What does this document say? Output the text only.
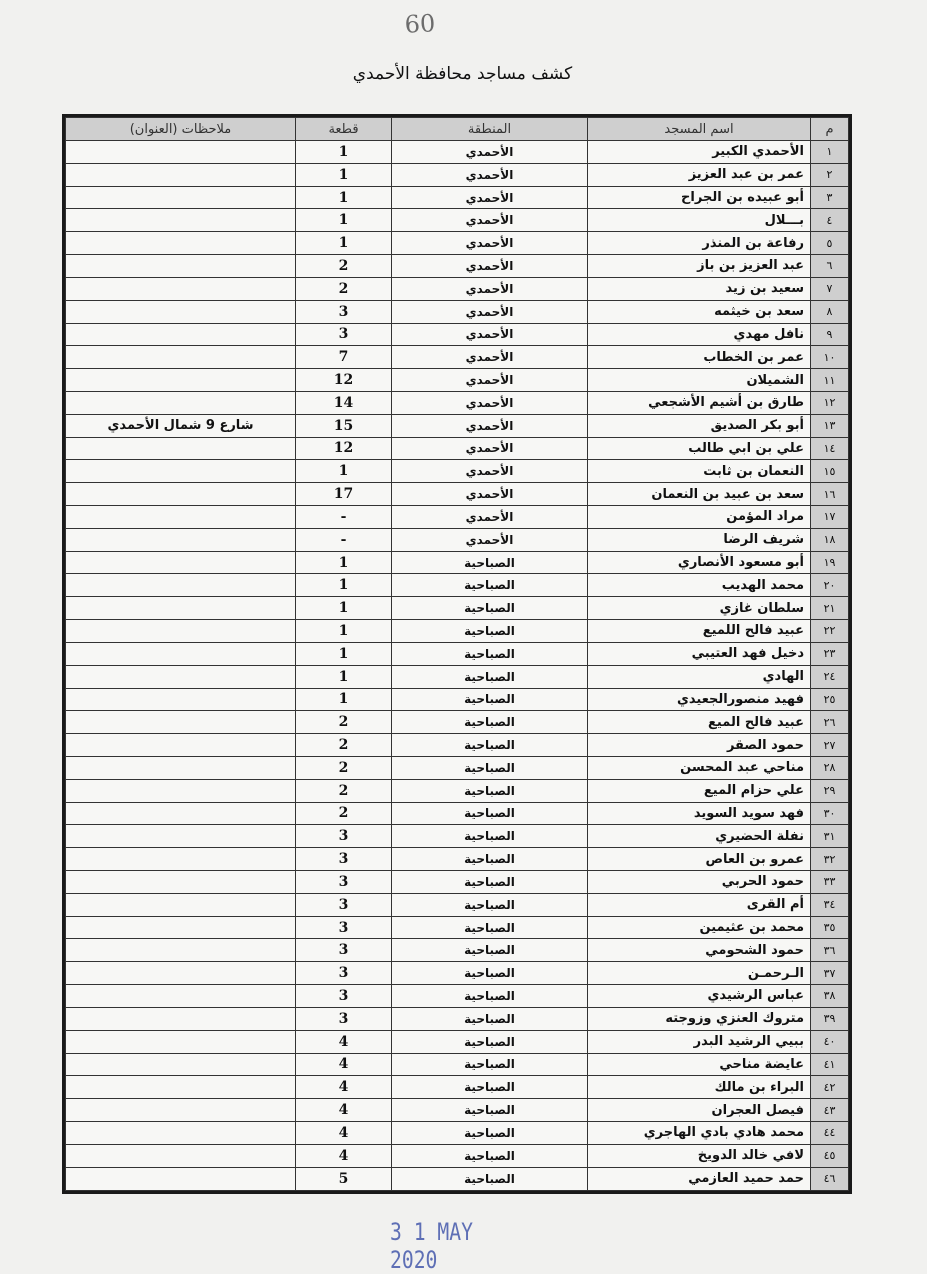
60
كشف مساجد محافظة الأحمدي
م	اسم المسجد	المنطقة	قطعة	ملاحظات (العنوان)
١	الأحمدي الكبير	الأحمدي	1	
٢	عمر بن عبد العزيز	الأحمدي	1	
٣	أبو عبيده بن الجراح	الأحمدي	1	
٤	بـــلال	الأحمدي	1	
٥	رفاعة بن المنذر	الأحمدي	1	
٦	عبد العزيز بن باز	الأحمدي	2	
٧	سعيد بن زيد	الأحمدي	2	
٨	سعد بن خيثمه	الأحمدي	3	
٩	نافل مهدي	الأحمدي	3	
١٠	عمر بن الخطاب	الأحمدي	7	
١١	الشميلان	الأحمدي	12	
١٢	طارق بن أشيم الأشجعي	الأحمدي	14	
١٣	أبو بكر الصديق	الأحمدي	15	شارع 9 شمال الأحمدي
١٤	علي بن ابي طالب	الأحمدي	12	
١٥	النعمان بن ثابت	الأحمدي	1	
١٦	سعد بن عبيد بن النعمان	الأحمدي	17	
١٧	مراد المؤمن	الأحمدي	-	
١٨	شريف الرضا	الأحمدي	-	
١٩	أبو مسعود الأنصاري	الصباحية	1	
٢٠	محمد الهديب	الصباحية	1	
٢١	سلطان غازي	الصباحية	1	
٢٢	عبيد فالح اللميع	الصباحية	1	
٢٣	دخيل فهد العتيبي	الصباحية	1	
٢٤	الهادي	الصباحية	1	
٢٥	فهيد منصورالجعيدي	الصباحية	1	
٢٦	عبيد فالح الميع	الصباحية	2	
٢٧	حمود الصقر	الصباحية	2	
٢٨	مناحي عبد المحسن	الصباحية	2	
٢٩	علي حزام الميع	الصباحية	2	
٣٠	فهد سويد السويد	الصباحية	2	
٣١	نفلة الحضيري	الصباحية	3	
٣٢	عمرو بن العاص	الصباحية	3	
٣٣	حمود الحربي	الصباحية	3	
٣٤	أم القرى	الصباحية	3	
٣٥	محمد بن عثيمين	الصباحية	3	
٣٦	حمود الشحومي	الصباحية	3	
٣٧	الـرحمـن	الصباحية	3	
٣٨	عباس الرشيدي	الصباحية	3	
٣٩	متروك العنزي وزوجته	الصباحية	3	
٤٠	ببيي الرشيد البدر	الصباحية	4	
٤١	عايضة مناحي	الصباحية	4	
٤٢	البراء بن مالك	الصباحية	4	
٤٣	فيصل العجران	الصباحية	4	
٤٤	محمد هادي بادي الهاجري	الصباحية	4	
٤٥	لافي خالد الدويخ	الصباحية	4	
٤٦	حمد حميد العازمي	الصباحية	5	
3 1 MAY 2020
